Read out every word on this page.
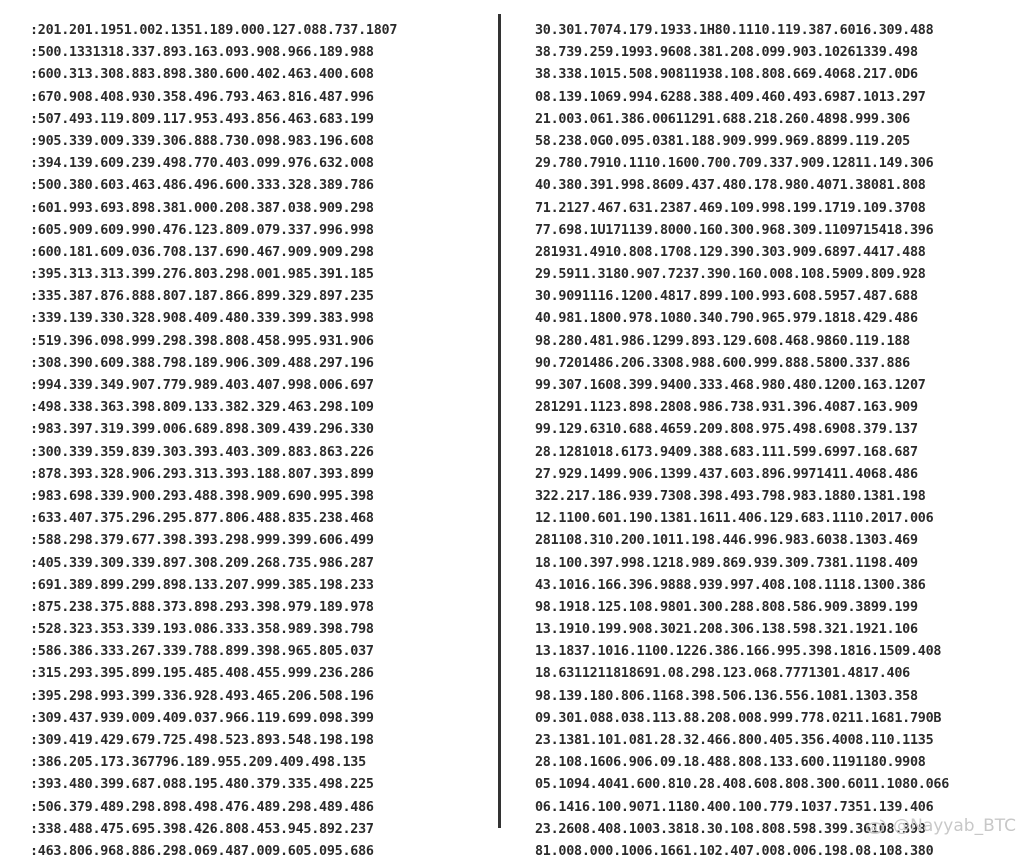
:201.201.1951.002.1351.189.000.127.088.737.1807
:500.1331318.337.893.163.093.908.966.189.988
:600.313.308.883.898.380.600.402.463.400.608
:670.908.408.930.358.496.793.463.816.487.996
:507.493.119.809.117.953.493.856.463.683.199
:905.339.009.339.306.888.730.098.983.196.608
:394.139.609.239.498.770.403.099.976.632.008
:500.380.603.463.486.496.600.333.328.389.786
:601.993.693.898.381.000.208.387.038.909.298
:605.909.609.990.476.123.809.079.337.996.998
:600.181.609.036.708.137.690.467.909.909.298
:395.313.313.399.276.803.298.001.985.391.185
:335.387.876.888.807.187.866.899.329.897.235
:339.139.330.328.908.409.480.339.399.383.998
:519.396.098.999.298.398.808.458.995.931.906
:308.390.609.388.798.189.906.309.488.297.196
:994.339.349.907.779.989.403.407.998.006.697
:498.338.363.398.809.133.382.329.463.298.109
:983.397.319.399.006.689.898.309.439.296.330
:300.339.359.839.303.393.403.309.883.863.226
:878.393.328.906.293.313.393.188.807.393.899
:983.698.339.900.293.488.398.909.690.995.398
:633.407.375.296.295.877.806.488.835.238.468
:588.298.379.677.398.393.298.999.399.606.499
:405.339.309.339.897.308.209.268.735.986.287
:691.389.899.299.898.133.207.999.385.198.233
:875.238.375.888.373.898.293.398.979.189.978
:528.323.353.339.193.086.333.358.989.398.798
:586.386.333.267.339.788.899.398.965.805.037
:315.293.395.899.195.485.408.455.999.236.286
:395.298.993.399.336.928.493.465.206.508.196
:309.437.939.009.409.037.966.119.699.098.399
:309.419.429.679.725.498.523.893.548.198.198
:386.205.173.367796.189.955.209.409.498.135
:393.480.399.687.088.195.480.379.335.498.225
:506.379.489.298.898.498.476.489.298.489.486
:338.488.475.695.398.426.808.453.945.892.237
:463.806.968.886.298.069.487.009.605.095.686
30.301.7074.179.1933.1H80.1110.119.387.6016.309.488
38.739.259.1993.9608.381.208.099.903.10261339.498
38.338.1015.508.90811938.108.808.669.4068.217.0D6
08.139.1069.994.6288.388.409.460.493.6987.1013.297
21.003.061.386.00611291.688.218.260.4898.999.306
58.238.0G0.095.0381.188.909.999.969.8899.119.205
29.780.7910.1110.1600.700.709.337.909.12811.149.306
40.380.391.998.8609.437.480.178.980.4071.38081.808
71.2127.467.631.2387.469.109.998.199.1719.109.3708
77.698.1U171139.8000.160.300.968.309.1109715418.396
281931.4910.808.1708.129.390.303.909.6897.4417.488
29.5911.3180.907.7237.390.160.008.108.5909.809.928
30.9091116.1200.4817.899.100.993.608.5957.487.688
40.981.1800.978.1080.340.790.965.979.1818.429.486
98.280.481.986.1299.893.129.608.468.9860.119.188
90.7201486.206.3308.988.600.999.888.5800.337.886
99.307.1608.399.9400.333.468.980.480.1200.163.1207
281291.1123.898.2808.986.738.931.396.4087.163.909
99.129.6310.688.4659.209.808.975.498.6908.379.137
28.1281018.6173.9409.388.683.111.599.6997.168.687
27.929.1499.906.1399.437.603.896.9971411.4068.486
322.217.186.939.7308.398.493.798.983.1880.1381.198
12.1100.601.190.1381.1611.406.129.683.1110.2017.006
281108.310.200.1011.198.446.996.983.6038.1303.469
18.100.397.998.1218.989.869.939.309.7381.1198.409
43.1016.166.396.9888.939.997.408.108.1118.1300.386
98.1918.125.108.9801.300.288.808.586.909.3899.199
13.1910.199.908.3021.208.306.138.598.321.1921.106
13.1837.1016.1100.1226.386.166.995.398.1816.1509.408
18.6311211818691.08.298.123.068.7771301.4817.406
98.139.180.806.1168.398.506.136.556.1081.1303.358
09.301.088.038.113.88.208.008.999.778.0211.1681.790B
23.1381.101.081.28.32.466.800.405.356.4008.110.1135
28.108.1606.906.09.18.488.808.133.600.1191180.9908
05.1094.4041.600.810.28.408.608.808.300.6011.1080.066
06.1416.100.9071.1180.400.100.779.1037.7351.139.406
23.2608.408.1003.3818.30.108.808.598.399.36108.398
81.008.000.1006.1661.102.407.008.006.198.08.108.380
@Nayyab_BTC
